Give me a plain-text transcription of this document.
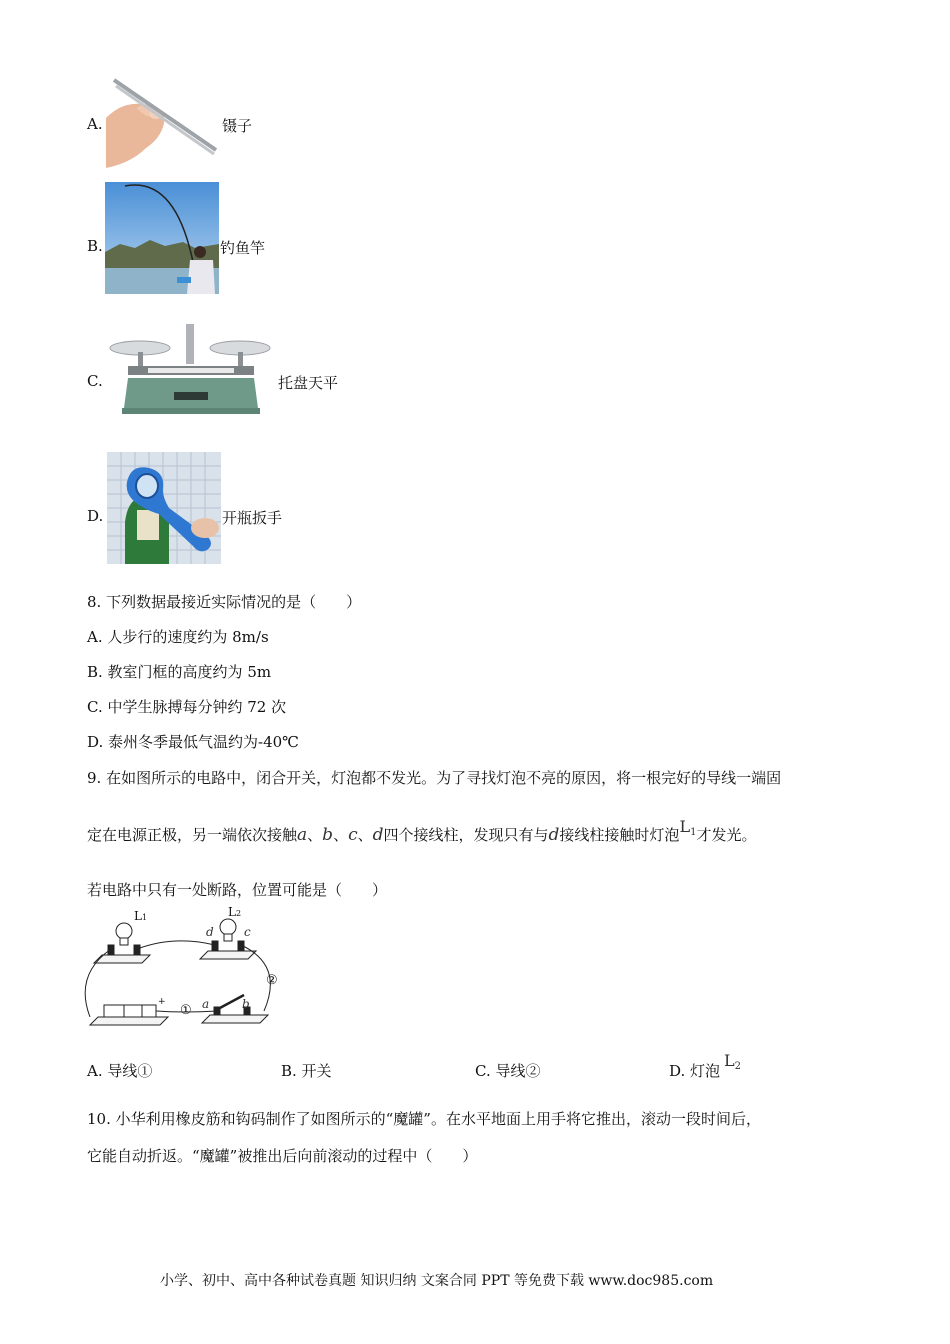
A.	镊子
B.	钓鱼竿
C.	托盘天平
D.	开瓶扳手
8. 下列数据最接近实际情况的是（　　）
A. 人步行的速度约为 8m/s
B. 教室门框的高度约为 5m
C. 中学生脉搏每分钟约 72 次
D. 泰州冬季最低气温约为-40℃
9. 在如图所示的电路中，闭合开关，灯泡都不发光。为了寻找灯泡不亮的原因，将一根完好的导线一端固
定在电源正极，另一端依次接触a、b、c、d四个接线柱，发现只有与d接线柱接触时灯泡$L_1$才发光。
若电路中只有一处断路，位置可能是（　　）
L1	L2
d	c
a	b
①
②
+
A. 导线①	B. 开关	C. 导线②	D. 灯泡$L_2$
10. 小华利用橡皮筋和钩码制作了如图所示的“魔罐”。在水平地面上用手将它推出，滚动一段时间后，
它能自动折返。“魔罐”被推出后向前滚动的过程中（　　）
小学、初中、高中各种试卷真题 知识归纳 文案合同 PPT 等免费下载 www.doc985.com
